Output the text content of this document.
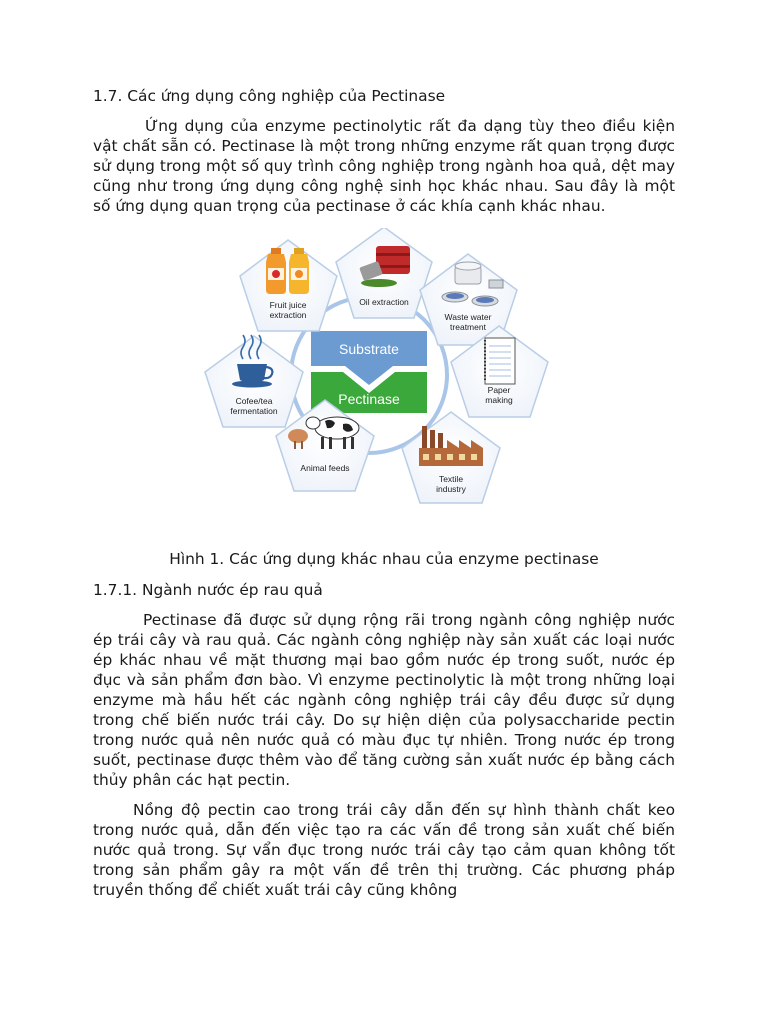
1.7. Các ứng dụng công nghiệp của Pectinase

Ứng dụng của enzyme pectinolytic rất đa dạng tùy theo điều kiện vật chất sẵn có. Pectinase là một trong những enzyme rất quan trọng được sử dụng trong một số quy trình công nghiệp trong ngành hoa quả, dệt may cũng như trong ứng dụng công nghệ sinh học khác nhau. Sau đây là một số ứng dụng quan trọng của pectinase ở các khía cạnh khác nhau.

Substrate
Pectinase
Oil extraction
Waste water
treatment
Paper
making
Textile
industry
Animal feeds
Cofee/tea
fermentation
Fruit juice
extraction

Hình 1. Các ứng dụng khác nhau của enzyme pectinase

1.7.1. Ngành nước ép rau quả

Pectinase đã được sử dụng rộng rãi trong ngành công nghiệp nước ép trái cây và rau quả. Các ngành công nghiệp này sản xuất các loại nước ép khác nhau về mặt thương mại bao gồm nước ép trong suốt, nước ép đục và sản phẩm đơn bào. Vì enzyme pectinolytic là một trong những loại enzyme mà hầu hết các ngành công nghiệp trái cây đều được sử dụng trong chế biến nước trái cây. Do sự hiện diện của polysaccharide pectin trong nước quả nên nước quả có màu đục tự nhiên. Trong nước ép trong suốt, pectinase được thêm vào để tăng cường sản xuất nước ép bằng cách thủy phân các hạt pectin.

Nồng độ pectin cao trong trái cây dẫn đến sự hình thành chất keo trong nước quả, dẫn đến việc tạo ra các vấn đề trong sản xuất chế biến nước quả trong. Sự vẩn đục trong nước trái cây tạo cảm quan không tốt trong sản phẩm gây ra một vấn đề trên thị trường. Các phương pháp truyền thống để chiết xuất trái cây cũng không
